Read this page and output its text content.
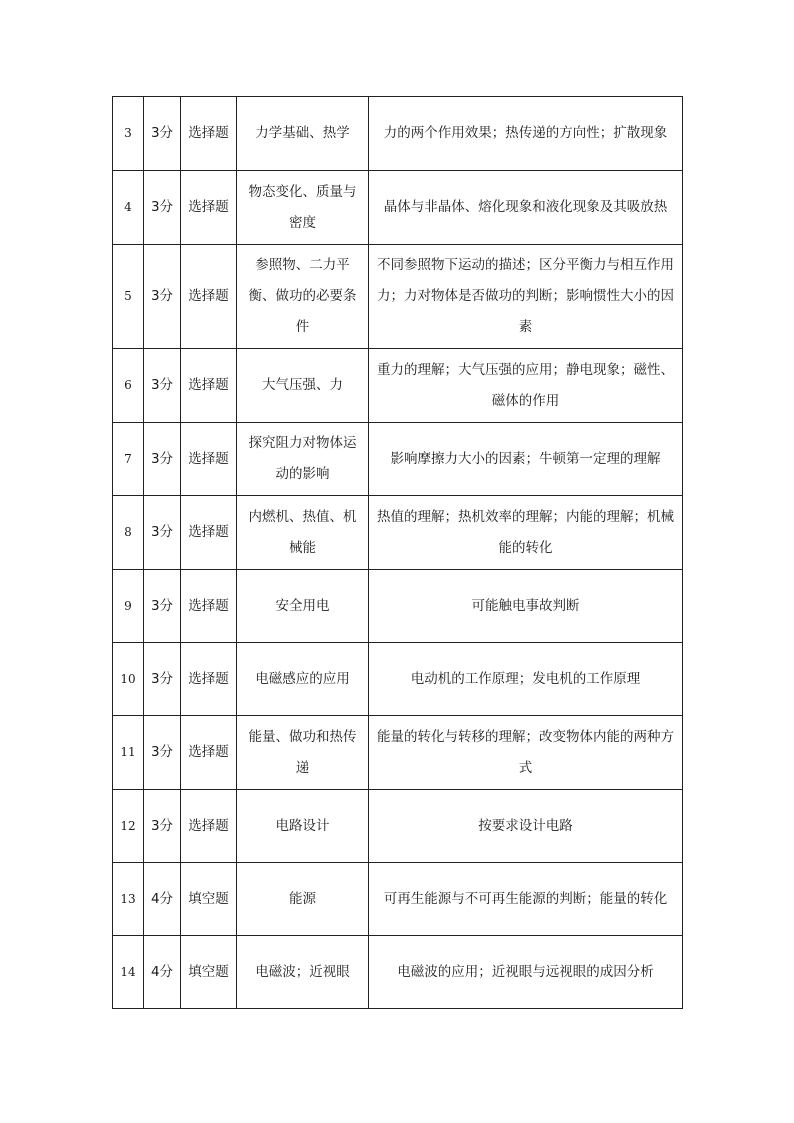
3	3分	选择题	力学基础、热学	力的两个作用效果；热传递的方向性；扩散现象
4	3分	选择题	物态变化、质量与密度	晶体与非晶体、熔化现象和液化现象及其吸放热
5	3分	选择题	参照物、二力平衡、做功的必要条件	不同参照物下运动的描述；区分平衡力与相互作用力；力对物体是否做功的判断；影响惯性大小的因素
6	3分	选择题	大气压强、力	重力的理解；大气压强的应用；静电现象；磁性、磁体的作用
7	3分	选择题	探究阻力对物体运动的影响	影响摩擦力大小的因素；牛顿第一定理的理解
8	3分	选择题	内燃机、热值、机械能	热值的理解；热机效率的理解；内能的理解；机械能的转化
9	3分	选择题	安全用电	可能触电事故判断
10	3分	选择题	电磁感应的应用	电动机的工作原理；发电机的工作原理
11	3分	选择题	能量、做功和热传递	能量的转化与转移的理解；改变物体内能的两种方式
12	3分	选择题	电路设计	按要求设计电路
13	4分	填空题	能源	可再生能源与不可再生能源的判断；能量的转化
14	4分	填空题	电磁波；近视眼	电磁波的应用；近视眼与远视眼的成因分析
